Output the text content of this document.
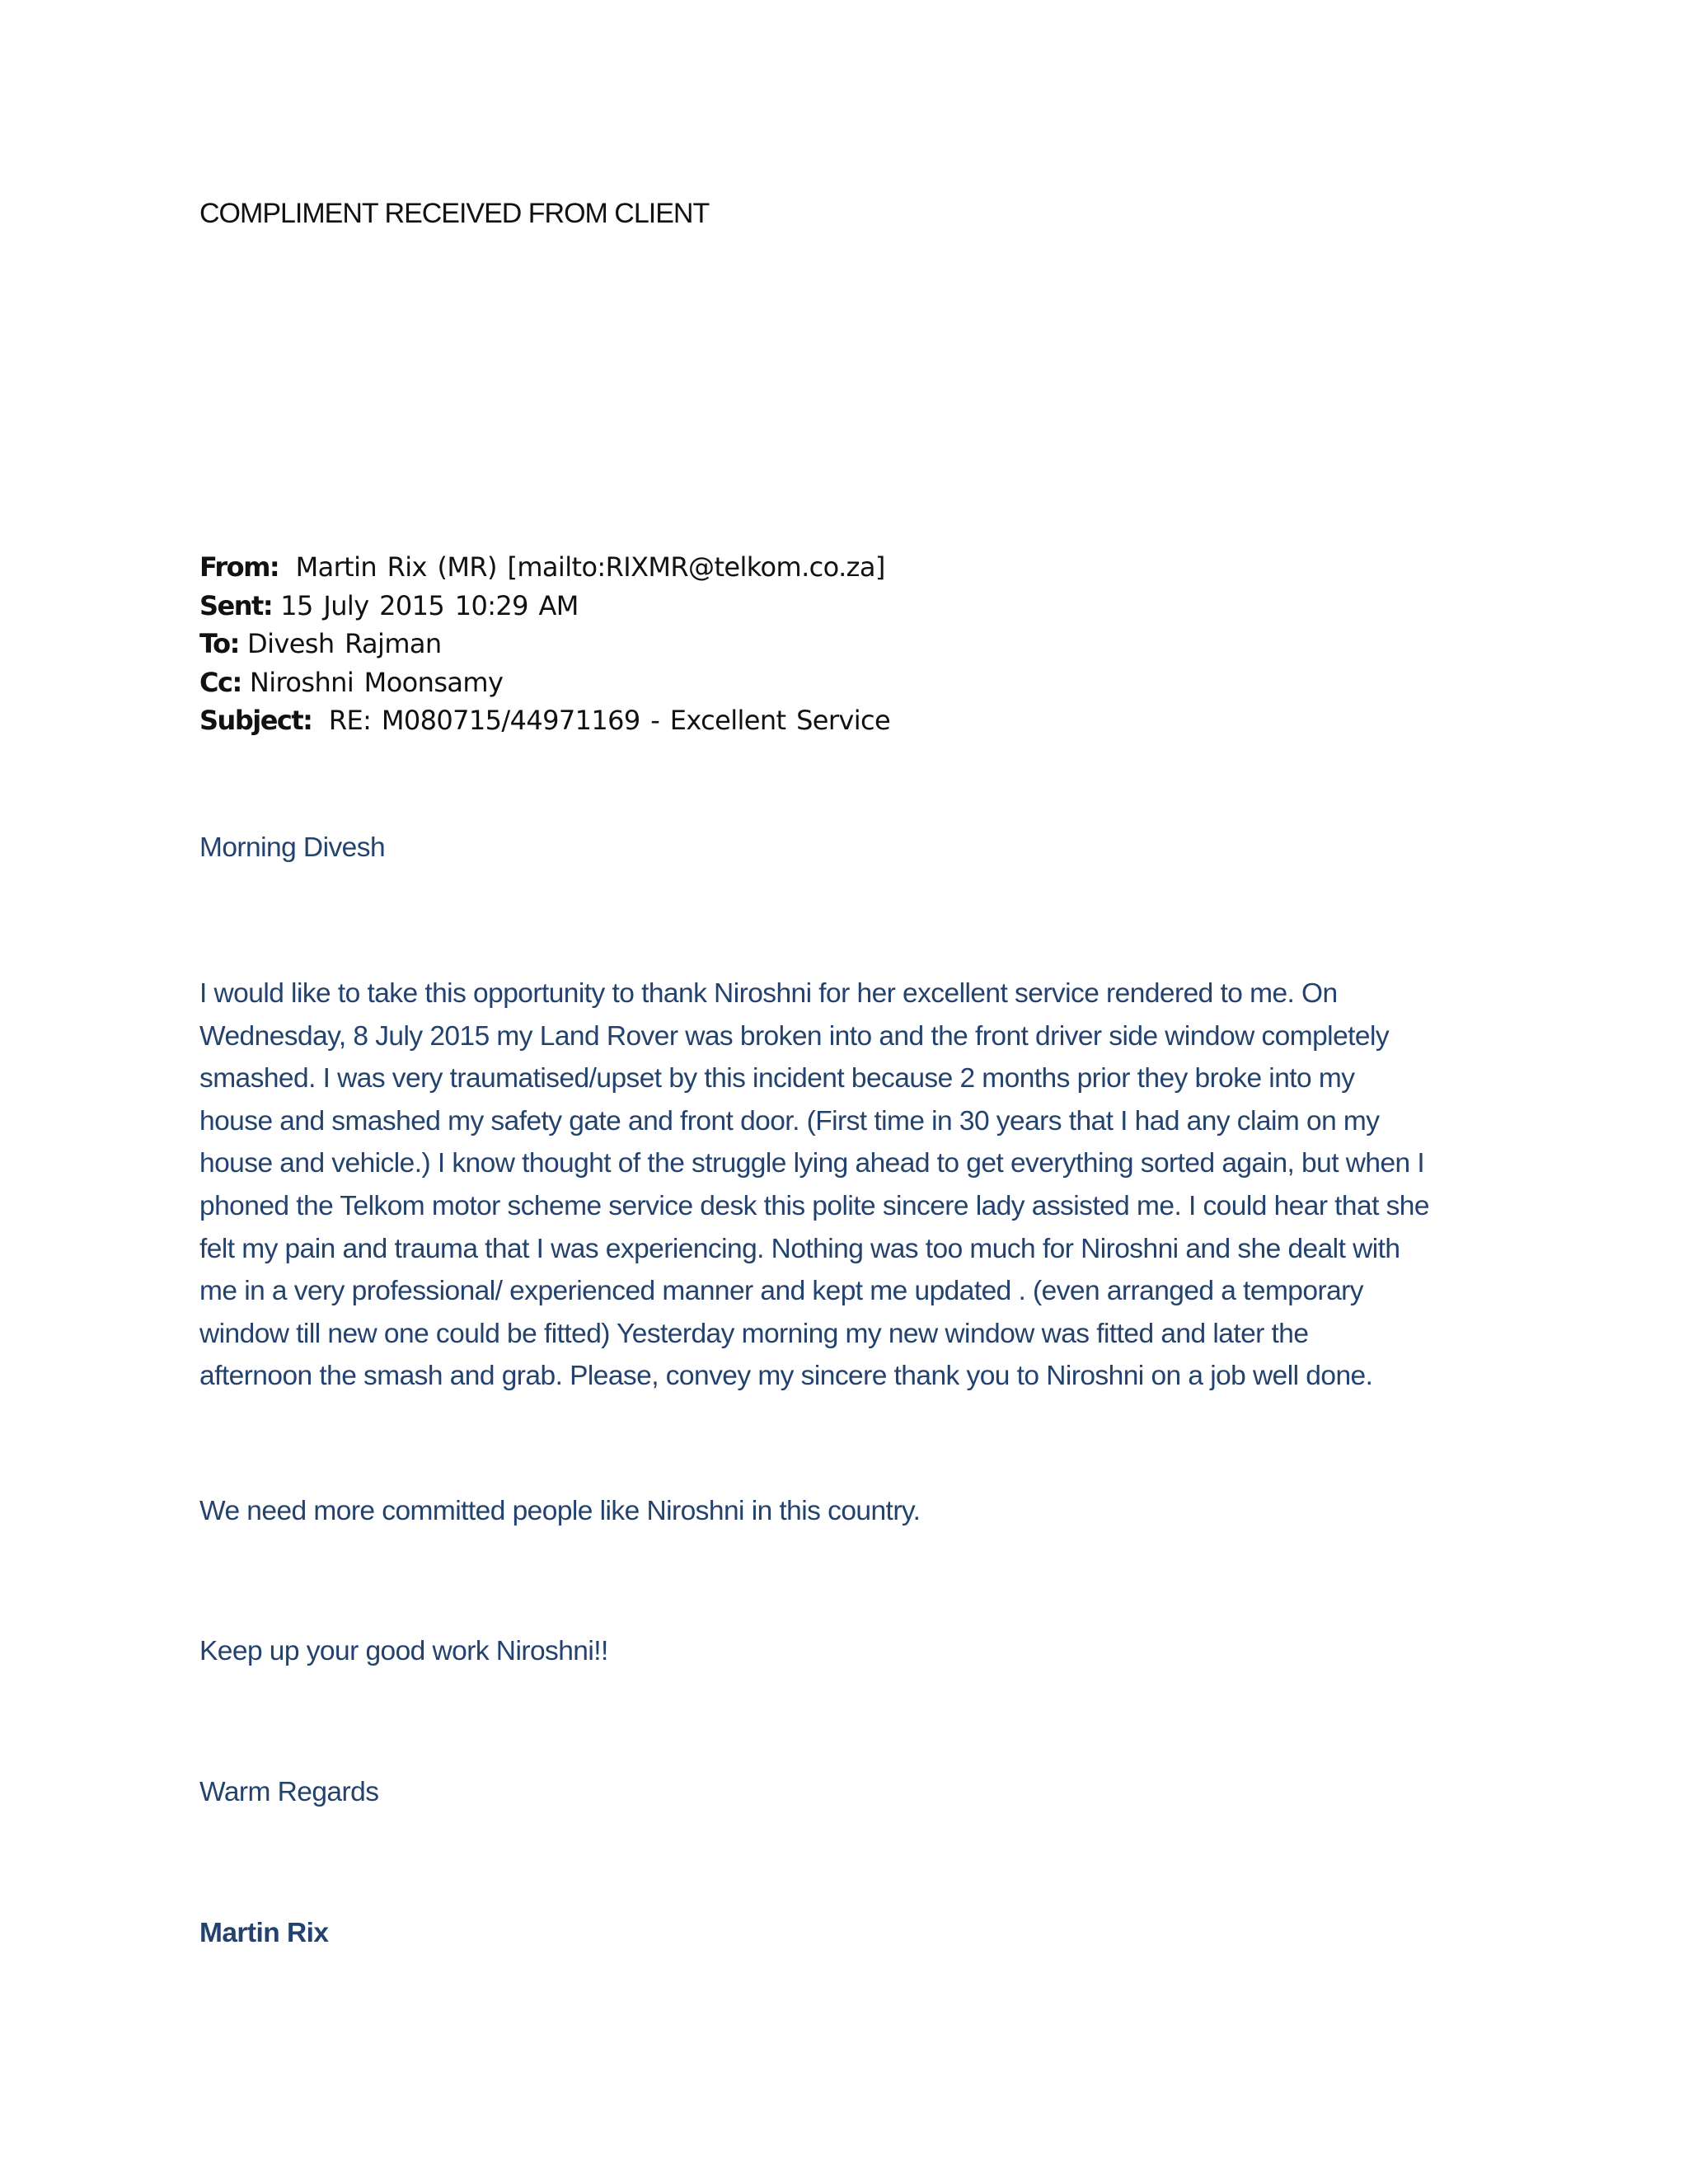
COMPLIMENT RECEIVED FROM CLIENT
From: Martin Rix (MR) [mailto:RIXMR@telkom.co.za]
Sent: 15 July 2015 10:29 AM
To: Divesh Rajman
Cc: Niroshni Moonsamy
Subject: RE: M080715/44971169 - Excellent Service
Morning Divesh
I would like to take this opportunity to thank Niroshni for her excellent service rendered to me. On
Wednesday, 8 July 2015 my Land Rover was broken into and the front driver side window completely
smashed. I was very traumatised/upset by this incident because 2 months prior they broke into my
house and smashed my safety gate and front door. (First time in 30 years that I had any claim on my
house and vehicle.) I know thought of the struggle lying ahead to get everything sorted again, but when I
phoned the Telkom motor scheme service desk this polite sincere lady assisted me. I could hear that she
felt my pain and trauma that I was experiencing. Nothing was too much for Niroshni and she dealt with
me in a very professional/ experienced manner and kept me updated . (even arranged a temporary
window till new one could be fitted) Yesterday morning my new window was fitted and later the
afternoon the smash and grab. Please, convey my sincere thank you to Niroshni on a job well done.
We need more committed people like Niroshni in this country.
Keep up your good work Niroshni!!
Warm Regards
Martin Rix
